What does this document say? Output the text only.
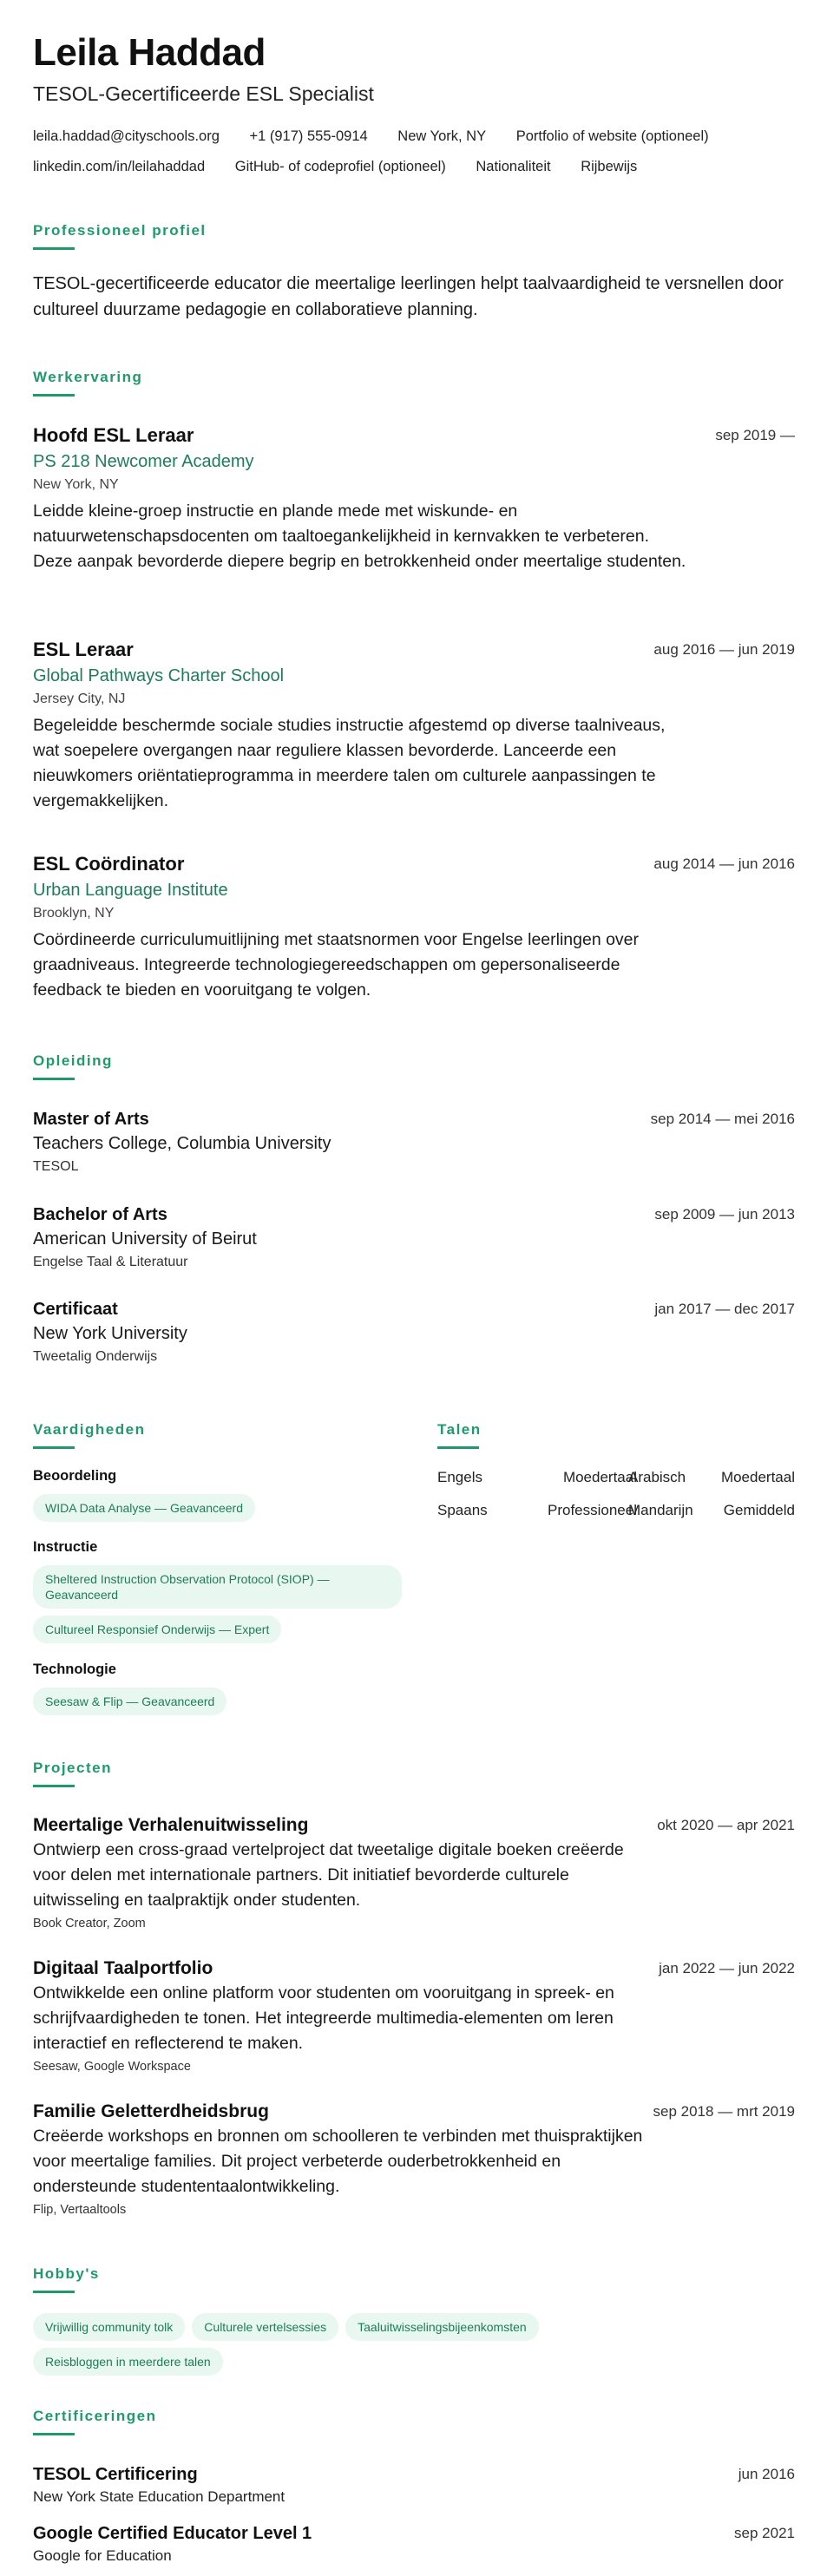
Leila Haddad
TESOL-Gecertificeerde ESL Specialist
leila.haddad@cityschools.org +1 (917) 555-0914 New York, NY Portfolio of website (optioneel)
linkedin.com/in/leilahaddad GitHub- of codeprofiel (optioneel) Nationaliteit Rijbewijs
Professioneel profiel
TESOL-gecertificeerde educator die meertalige leerlingen helpt taalvaardigheid te versnellen door cultureel duurzame pedagogie en collaboratieve planning.
Werkervaring
Hoofd ESL Leraar	sep 2019 —
PS 218 Newcomer Academy
New York, NY
Leidde kleine-groep instructie en plande mede met wiskunde- en natuurwetenschapsdocenten om taaltoegankelijkheid in kernvakken te verbeteren. Deze aanpak bevorderde diepere begrip en betrokkenheid onder meertalige studenten.
ESL Leraar	aug 2016 — jun 2019
Global Pathways Charter School
Jersey City, NJ
Begeleidde beschermde sociale studies instructie afgestemd op diverse taalniveaus, wat soepelere overgangen naar reguliere klassen bevorderde. Lanceerde een nieuwkomers oriëntatieprogramma in meerdere talen om culturele aanpassingen te vergemakkelijken.
ESL Coördinator	aug 2014 — jun 2016
Urban Language Institute
Brooklyn, NY
Coördineerde curriculumuitlijning met staatsnormen voor Engelse leerlingen over graadniveaus. Integreerde technologiegereedschappen om gepersonaliseerde feedback te bieden en vooruitgang te volgen.
Opleiding
Master of Arts	sep 2014 — mei 2016
Teachers College, Columbia University
TESOL
Bachelor of Arts	sep 2009 — jun 2013
American University of Beirut
Engelse Taal & Literatuur
Certificaat	jan 2017 — dec 2017
New York University
Tweetalig Onderwijs
Vaardigheden
Beoordeling
WIDA Data Analyse — Geavanceerd
Instructie
Sheltered Instruction Observation Protocol (SIOP) — Geavanceerd
Cultureel Responsief Onderwijs — Expert
Technologie
Seesaw & Flip — Geavanceerd
Talen
Engels	Moedertaal
Arabisch	Moedertaal
Spaans	Professioneel
Mandarijn	Gemiddeld
Projecten
Meertalige Verhalenuitwisseling	okt 2020 — apr 2021
Ontwierp een cross-graad vertelproject dat tweetalige digitale boeken creëerde voor delen met internationale partners. Dit initiatief bevorderde culturele uitwisseling en taalpraktijk onder studenten.
Book Creator, Zoom
Digitaal Taalportfolio	jan 2022 — jun 2022
Ontwikkelde een online platform voor studenten om vooruitgang in spreek- en schrijfvaardigheden te tonen. Het integreerde multimedia-elementen om leren interactief en reflecterend te maken.
Seesaw, Google Workspace
Familie Geletterdheidsbrug	sep 2018 — mrt 2019
Creëerde workshops en bronnen om schoolleren te verbinden met thuispraktijken voor meertalige families. Dit project verbeterde ouderbetrokkenheid en ondersteunde studententaalontwikkeling.
Flip, Vertaaltools
Hobby's
Vrijwillig community tolk	Culturele vertelsessies	Taaluitwisselingsbijeenkomsten
Reisbloggen in meerdere talen
Certificeringen
TESOL Certificering	jun 2016
New York State Education Department
Google Certified Educator Level 1	sep 2021
Google for Education
